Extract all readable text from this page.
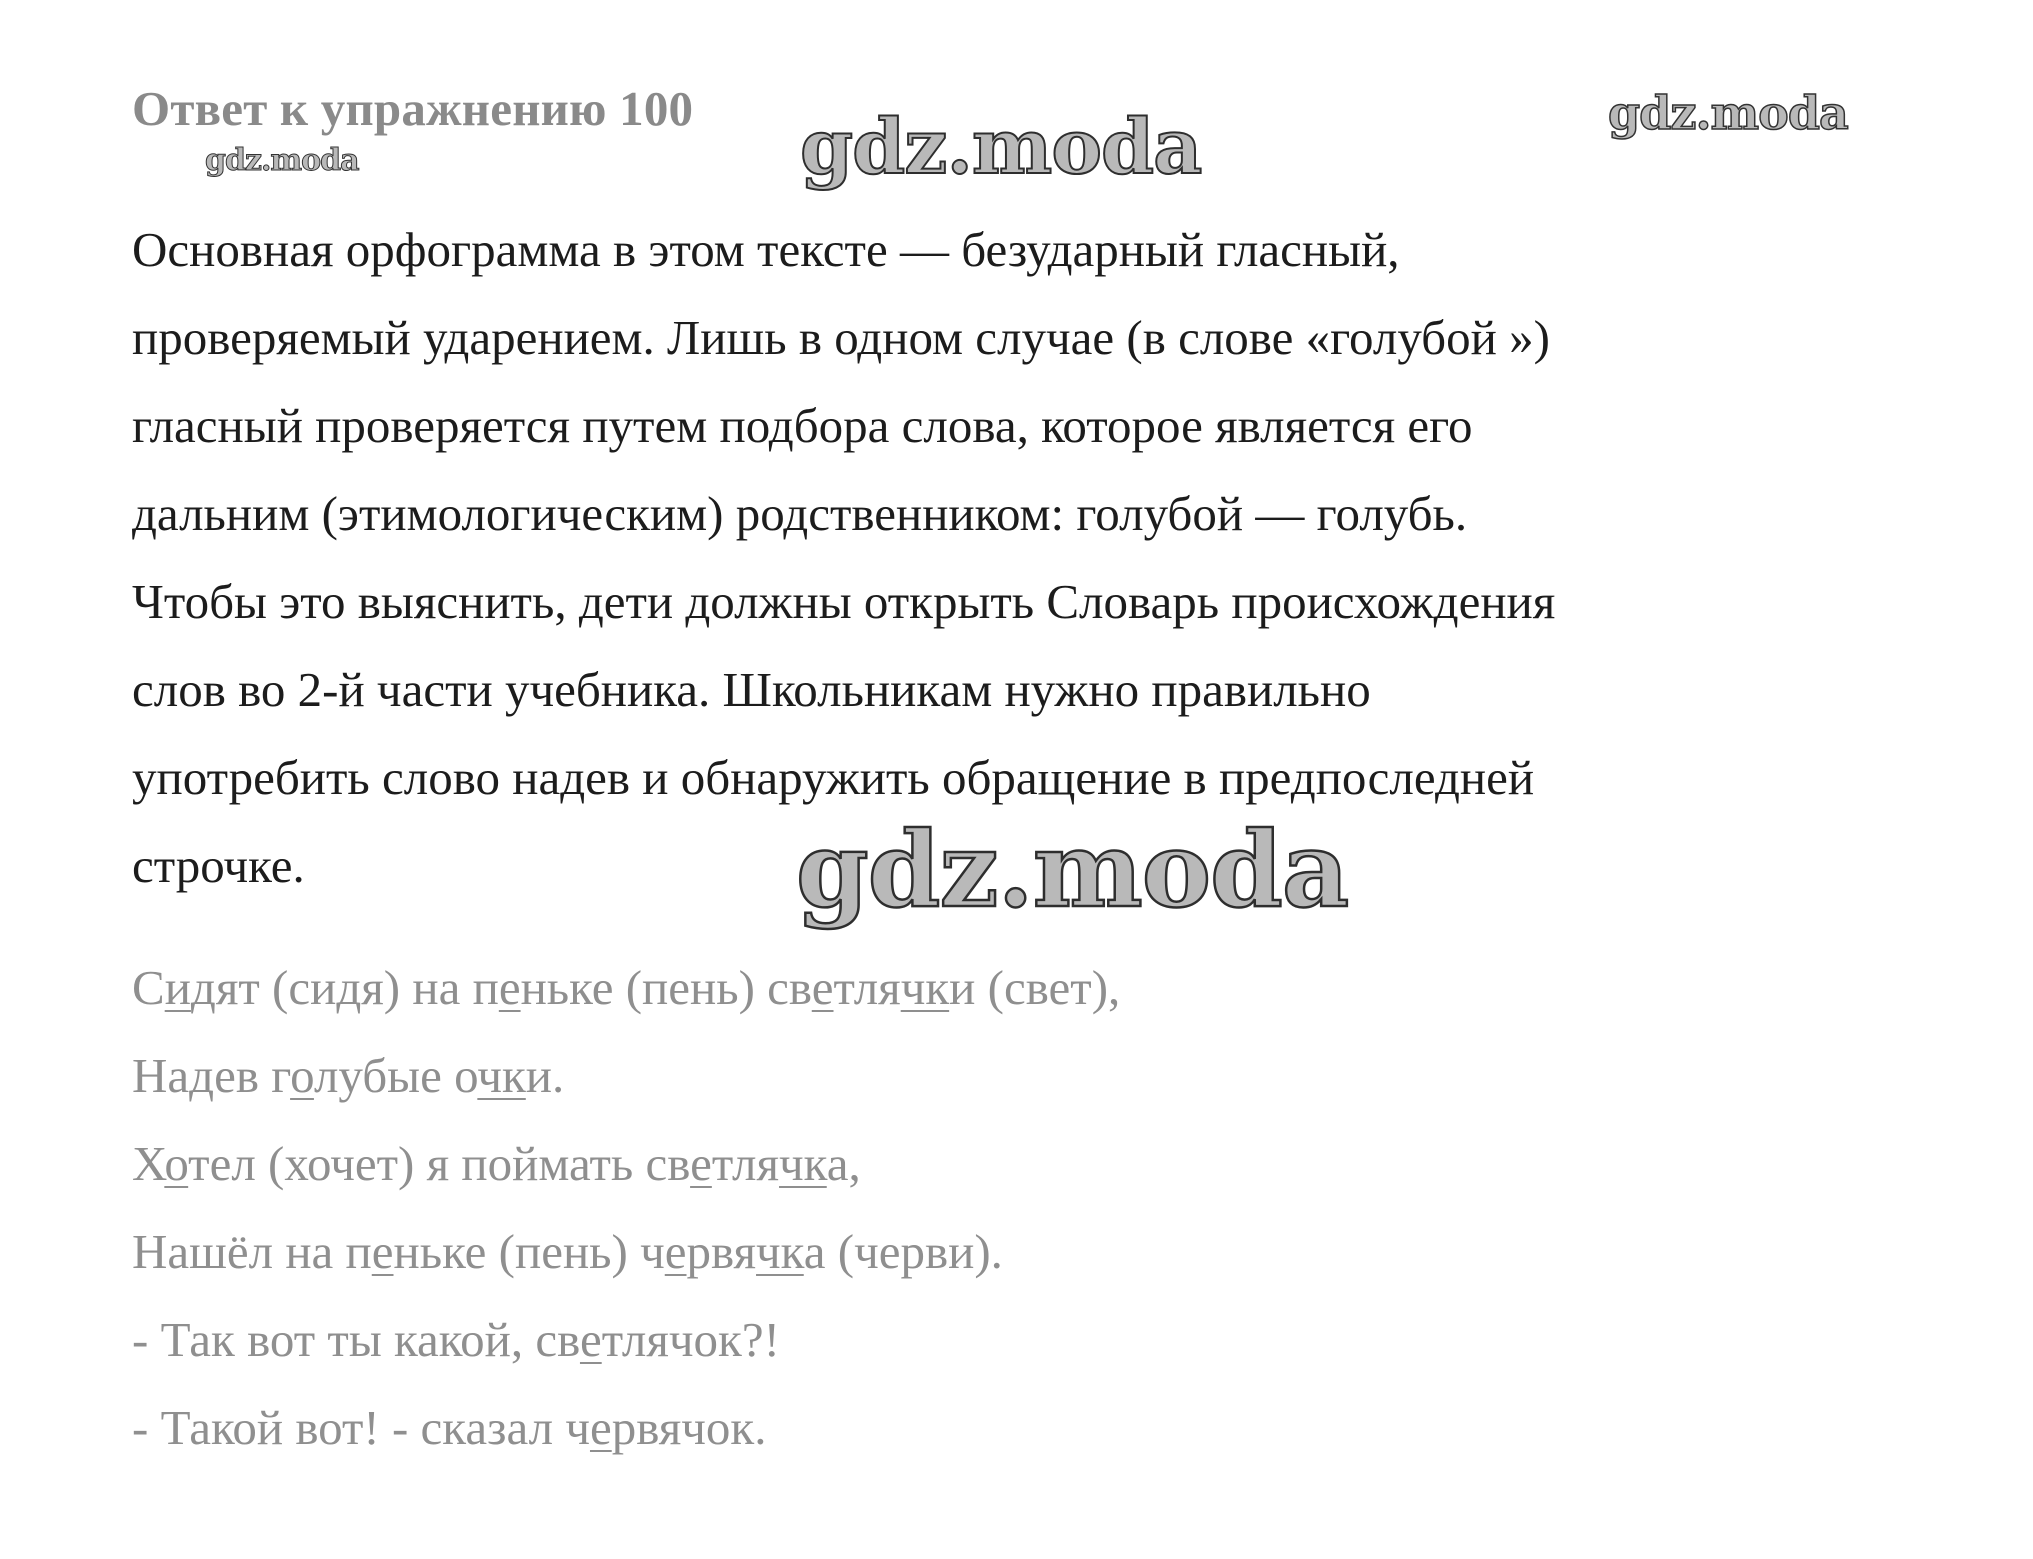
Ответ к упражнению 100
gdz.moda	gdz.moda	gdz.moda
Основная орфограмма в этом тексте — безударный гласный,
проверяемый ударением. Лишь в одном случае (в слове «голубой »)
гласный проверяется путем подбора слова, которое является его
дальним (этимологическим) родственником: голубой — голубь.
Чтобы это выяснить, дети должны открыть Словарь происхождения
слов во 2-й части учебника. Школьникам нужно правильно
употребить слово надев и обнаружить обращение в предпоследней
строчке.	gdz.moda
Сидят (сидя) на пеньке (пень) светлячки (свет),
Надев голубые очки.
Хотел (хочет) я поймать светлячка,
Нашёл на пеньке (пень) червячка (черви).
- Так вот ты какой, светлячок?!
- Такой вот! - сказал червячок.
